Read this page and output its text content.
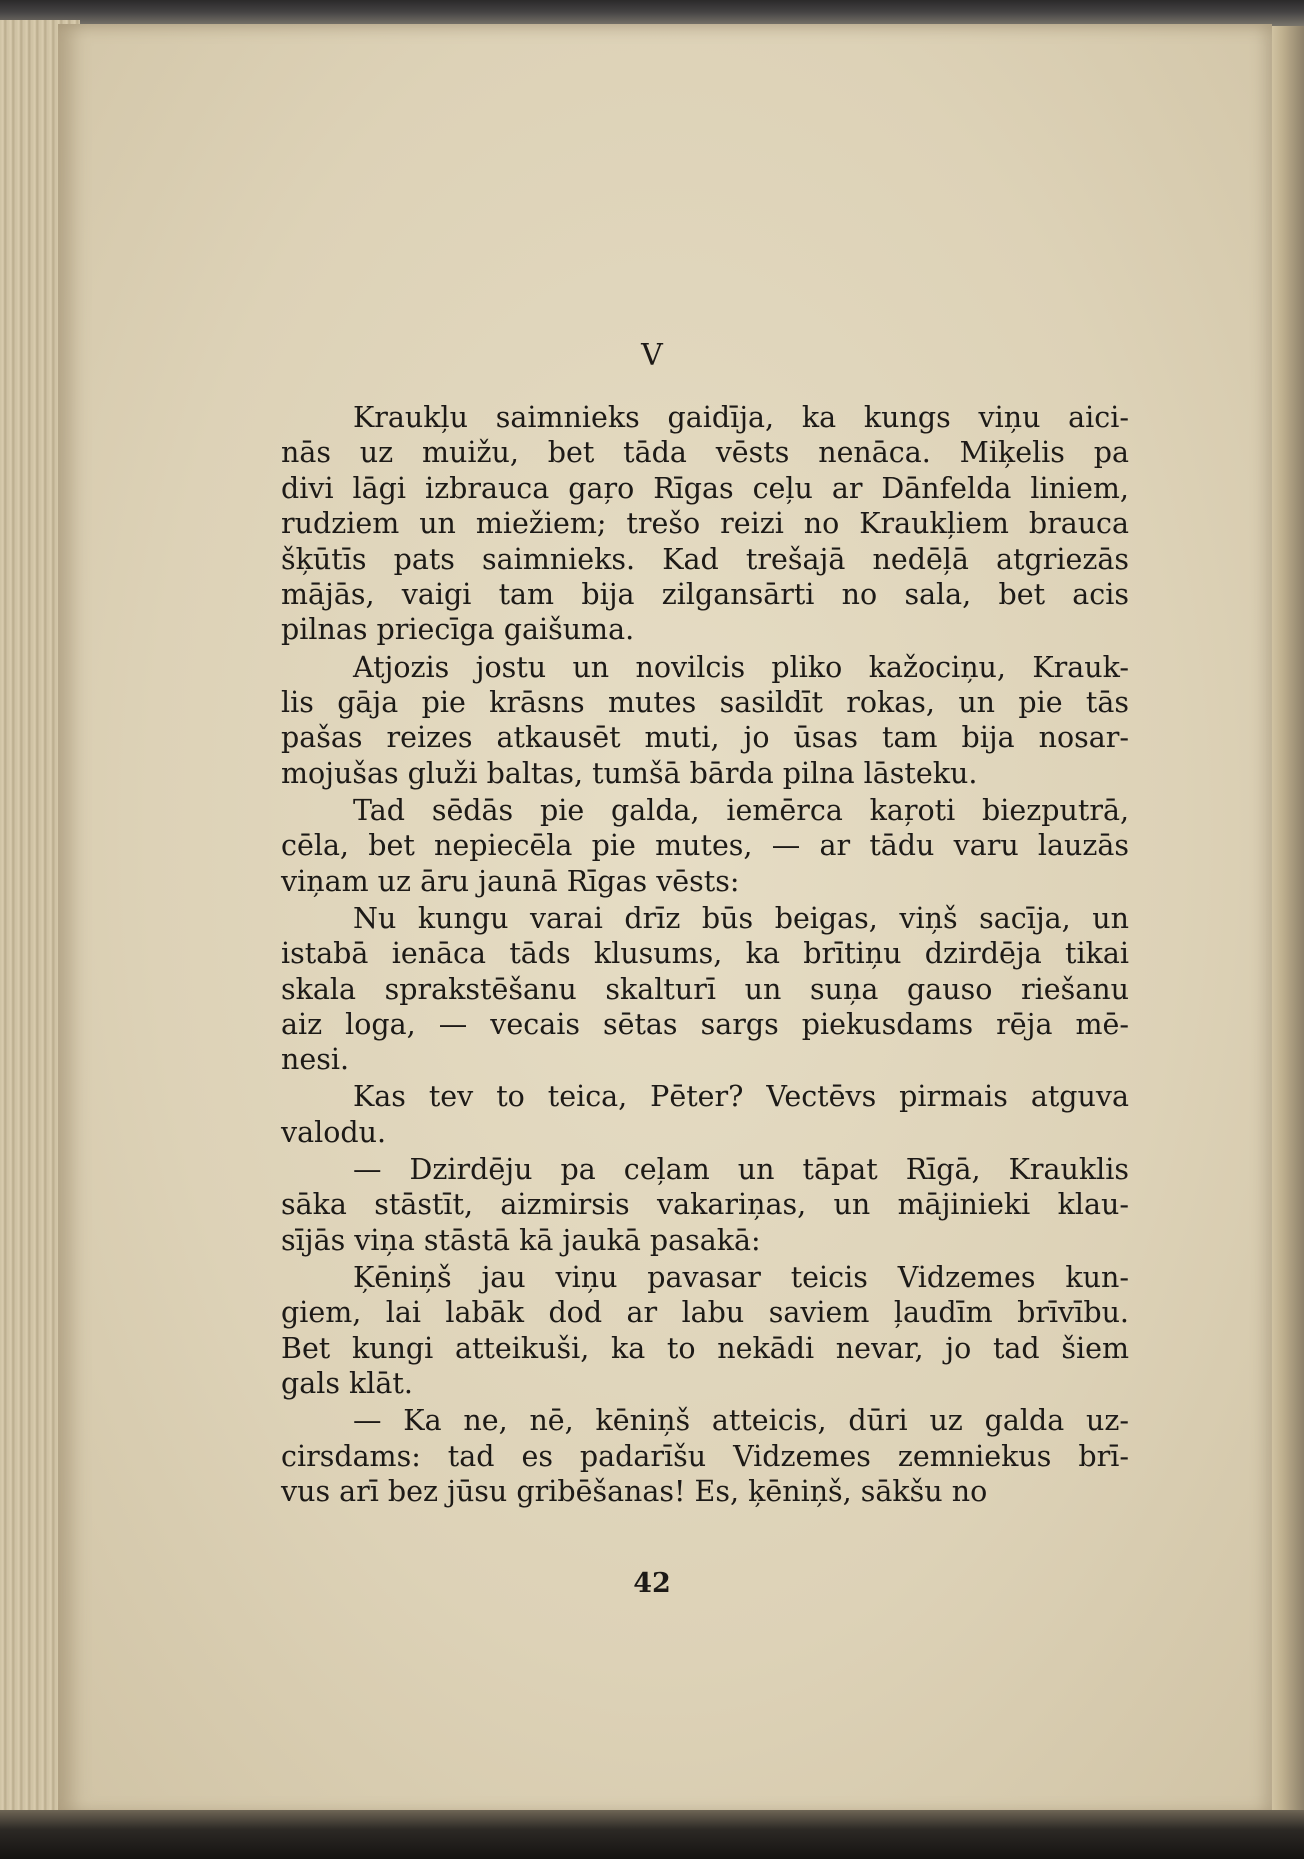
V
Kraukļu saimnieks gaidīja, ka kungs viņu aici-
nās uz muižu, bet tāda vēsts nenāca. Miķelis pa
divi lāgi izbrauca gaŗo Rīgas ceļu ar Dānfelda liniem,
rudziem un miežiem; trešo reizi no Kraukļiem brauca
šķūtīs pats saimnieks. Kad trešajā nedēļā atgriezās
mājās, vaigi tam bija zilgansārti no sala, bet acis
pilnas priecīga gaišuma.
Atjozis jostu un novilcis pliko kažociņu, Krauk-
lis gāja pie krāsns mutes sasildīt rokas, un pie tās
pašas reizes atkausēt muti, jo ūsas tam bija nosar-
mojušas gluži baltas, tumšā bārda pilna lāsteku.
Tad sēdās pie galda, iemērca kaŗoti biezputrā,
cēla, bet nepiecēla pie mutes, — ar tādu varu lauzās
viņam uz āru jaunā Rīgas vēsts:
Nu kungu varai drīz būs beigas, viņš sacīja, un
istabā ienāca tāds klusums, ka brītiņu dzirdēja tikai
skala sprakstēšanu skalturī un suņa gauso riešanu
aiz loga, — vecais sētas sargs piekusdams rēja mē-
nesi.
Kas tev to teica, Pēter? Vectēvs pirmais atguva
valodu.
— Dzirdēju pa ceļam un tāpat Rīgā, Krauklis
sāka stāstīt, aizmirsis vakariņas, un mājinieki klau-
sījās viņa stāstā kā jaukā pasakā:
Ķēniņš jau viņu pavasar teicis Vidzemes kun-
giem, lai labāk dod ar labu saviem ļaudīm brīvību.
Bet kungi atteikuši, ka to nekādi nevar, jo tad šiem
gals klāt.
— Ka ne, nē, kēniņš atteicis, dūri uz galda uz-
cirsdams: tad es padarīšu Vidzemes zemniekus brī-
vus arī bez jūsu gribēšanas! Es, ķēniņš, sākšu no
42
